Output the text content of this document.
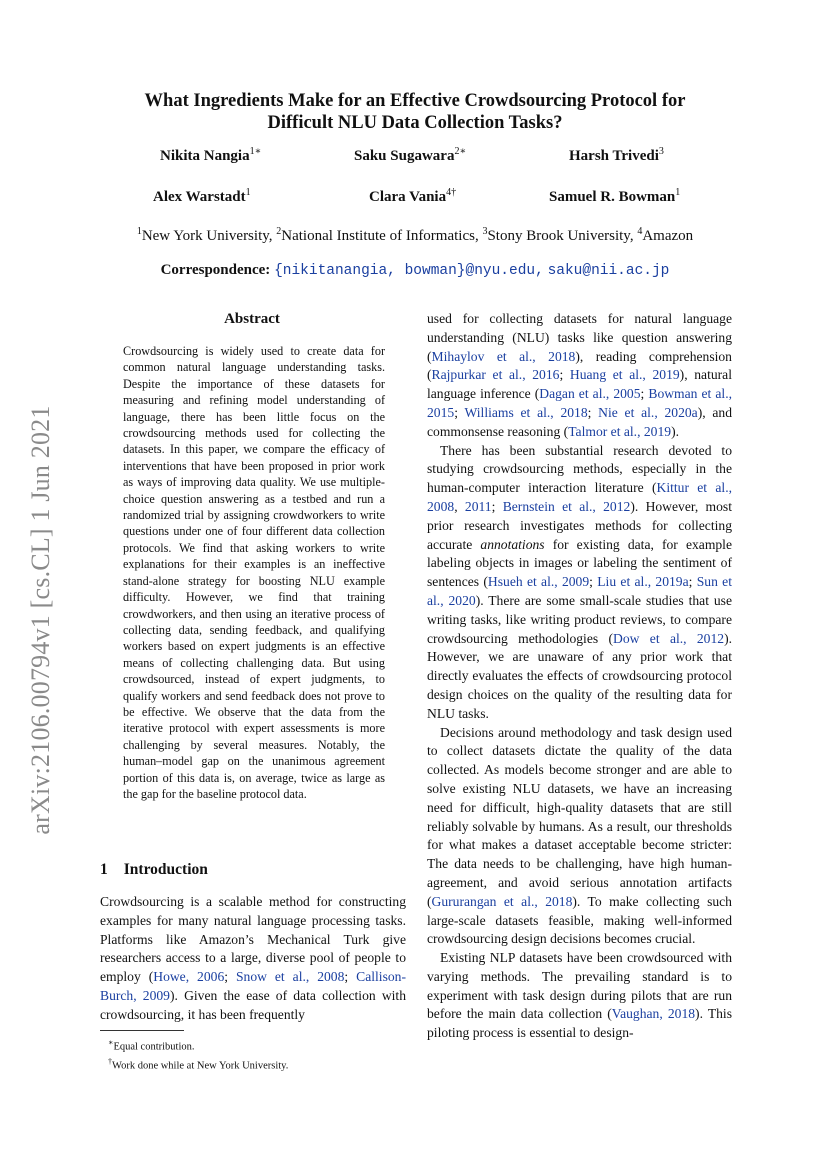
arXiv:2106.00794v1 [cs.CL] 1 Jun 2021
What Ingredients Make for an Effective Crowdsourcing Protocol for
Difficult NLU Data Collection Tasks?
Nikita Nangia$^{1∗}$	Saku Sugawara$^{2∗}$	Harsh Trivedi$^3$
Alex Warstadt$^1$	Clara Vania$^{4\dagger}$	Samuel R. Bowman$^1$
$^1$New York University, $^2$National Institute of Informatics, $^3$Stony Brook University, $^4$Amazon
Correspondence: {nikitanangia, bowman}@nyu.edu, saku@nii.ac.jp
Abstract

Crowdsourcing is widely used to create data for common natural language understanding tasks. Despite the importance of these datasets for measuring and refining model understanding of language, there has been little focus on the crowdsourcing methods used for collecting the datasets. In this paper, we compare the efficacy of interventions that have been proposed in prior work as ways of improving data quality. We use multiple-choice question answering as a testbed and run a randomized trial by assigning crowdworkers to write questions under one of four different data collection protocols. We find that asking workers to write explanations for their examples is an ineffective stand-alone strategy for boosting NLU example difficulty. However, we find that training crowdworkers, and then using an iterative process of collecting data, sending feedback, and qualifying workers based on expert judgments is an effective means of collecting challenging data. But using crowdsourced, instead of expert judgments, to qualify workers and send feedback does not prove to be effective. We observe that the data from the iterative protocol with expert assessments is more challenging by several measures. Notably, the human–model gap on the unanimous agreement portion of this data is, on average, twice as large as the gap for the baseline protocol data.

1 Introduction

Crowdsourcing is a scalable method for constructing examples for many natural language processing tasks. Platforms like Amazon’s Mechanical Turk give researchers access to a large, diverse pool of people to employ (Howe, 2006; Snow et al., 2008; Callison-Burch, 2009). Given the ease of data collection with crowdsourcing, it has been frequently

∗Equal contribution.
†Work done while at New York University.

used for collecting datasets for natural language understanding (NLU) tasks like question answering (Mihaylov et al., 2018), reading comprehension (Rajpurkar et al., 2016; Huang et al., 2019), natural language inference (Dagan et al., 2005; Bowman et al., 2015; Williams et al., 2018; Nie et al., 2020a), and commonsense reasoning (Talmor et al., 2019).

There has been substantial research devoted to studying crowdsourcing methods, especially in the human-computer interaction literature (Kittur et al., 2008, 2011; Bernstein et al., 2012). However, most prior research investigates methods for collecting accurate annotations for existing data, for example labeling objects in images or labeling the sentiment of sentences (Hsueh et al., 2009; Liu et al., 2019a; Sun et al., 2020). There are some small-scale studies that use writing tasks, like writing product reviews, to compare crowdsourcing methodologies (Dow et al., 2012). However, we are unaware of any prior work that directly evaluates the effects of crowdsourcing protocol design choices on the quality of the resulting data for NLU tasks.

Decisions around methodology and task design used to collect datasets dictate the quality of the data collected. As models become stronger and are able to solve existing NLU datasets, we have an increasing need for difficult, high-quality datasets that are still reliably solvable by humans. As a result, our thresholds for what makes a dataset acceptable become stricter: The data needs to be challenging, have high human-agreement, and avoid serious annotation artifacts (Gururangan et al., 2018). To make collecting such large-scale datasets feasible, making well-informed crowdsourcing design decisions becomes crucial.

Existing NLP datasets have been crowdsourced with varying methods. The prevailing standard is to experiment with task design during pilots that are run before the main data collection (Vaughan, 2018). This piloting process is essential to design-
